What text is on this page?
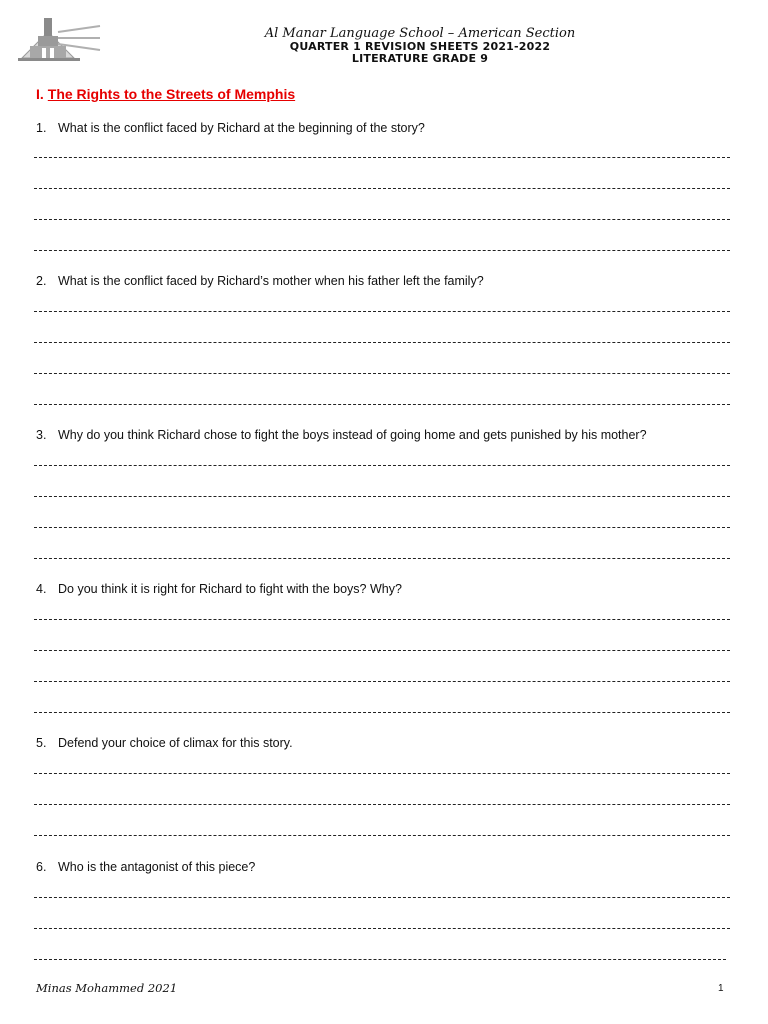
Al Manar Language School – American Section
QUARTER 1 REVISION SHEETS 2021-2022
LITERATURE GRADE 9
I. The Rights to the Streets of Memphis
1. What is the conflict faced by Richard at the beginning of the story?
2. What is the conflict faced by Richard’s mother when his father left the family?
3. Why do you think Richard chose to fight the boys instead of going home and gets punished by his mother?
4. Do you think it is right for Richard to fight with the boys? Why?
5. Defend your choice of climax for this story.
6. Who is the antagonist of this piece?
Minas Mohammed 2021	1
